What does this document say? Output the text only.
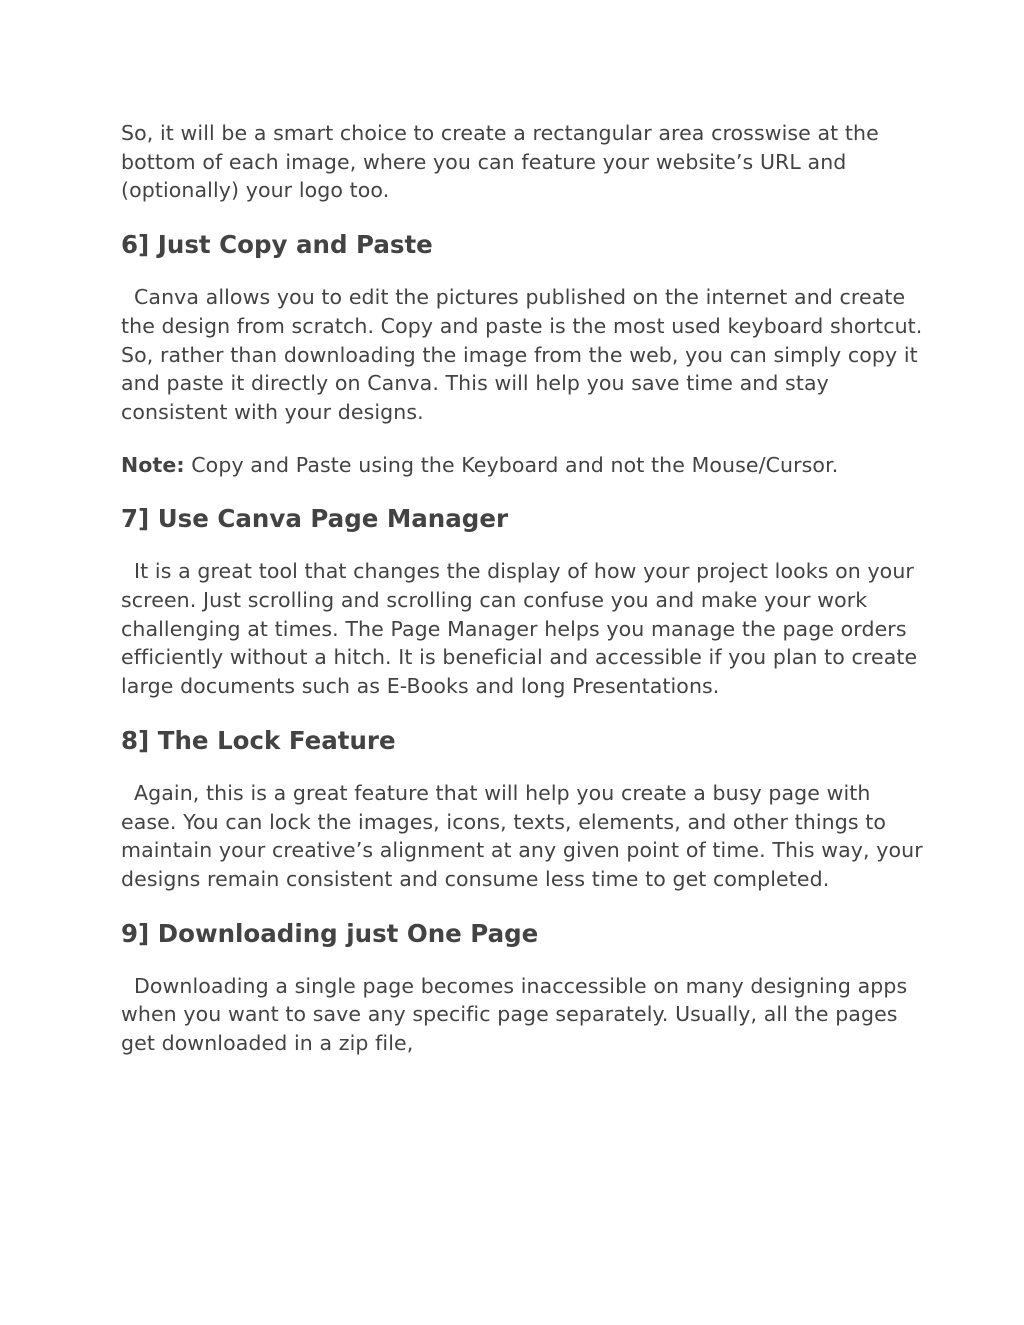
So, it will be a smart choice to create a rectangular area crosswise at the bottom of each image, where you can feature your website’s URL and (optionally) your logo too.

6] Just Copy and Paste

Canva allows you to edit the pictures published on the internet and create the design from scratch. Copy and paste is the most used keyboard shortcut. So, rather than downloading the image from the web, you can simply copy it and paste it directly on Canva. This will help you save time and stay consistent with your designs.

Note: Copy and Paste using the Keyboard and not the Mouse/Cursor.

7] Use Canva Page Manager

It is a great tool that changes the display of how your project looks on your screen. Just scrolling and scrolling can confuse you and make your work challenging at times. The Page Manager helps you manage the page orders efficiently without a hitch. It is beneficial and accessible if you plan to create large documents such as E-Books and long Presentations.

8] The Lock Feature

Again, this is a great feature that will help you create a busy page with ease. You can lock the images, icons, texts, elements, and other things to maintain your creative’s alignment at any given point of time. This way, your designs remain consistent and consume less time to get completed.

9] Downloading just One Page

Downloading a single page becomes inaccessible on many designing apps when you want to save any specific page separately. Usually, all the pages get downloaded in a zip file,
